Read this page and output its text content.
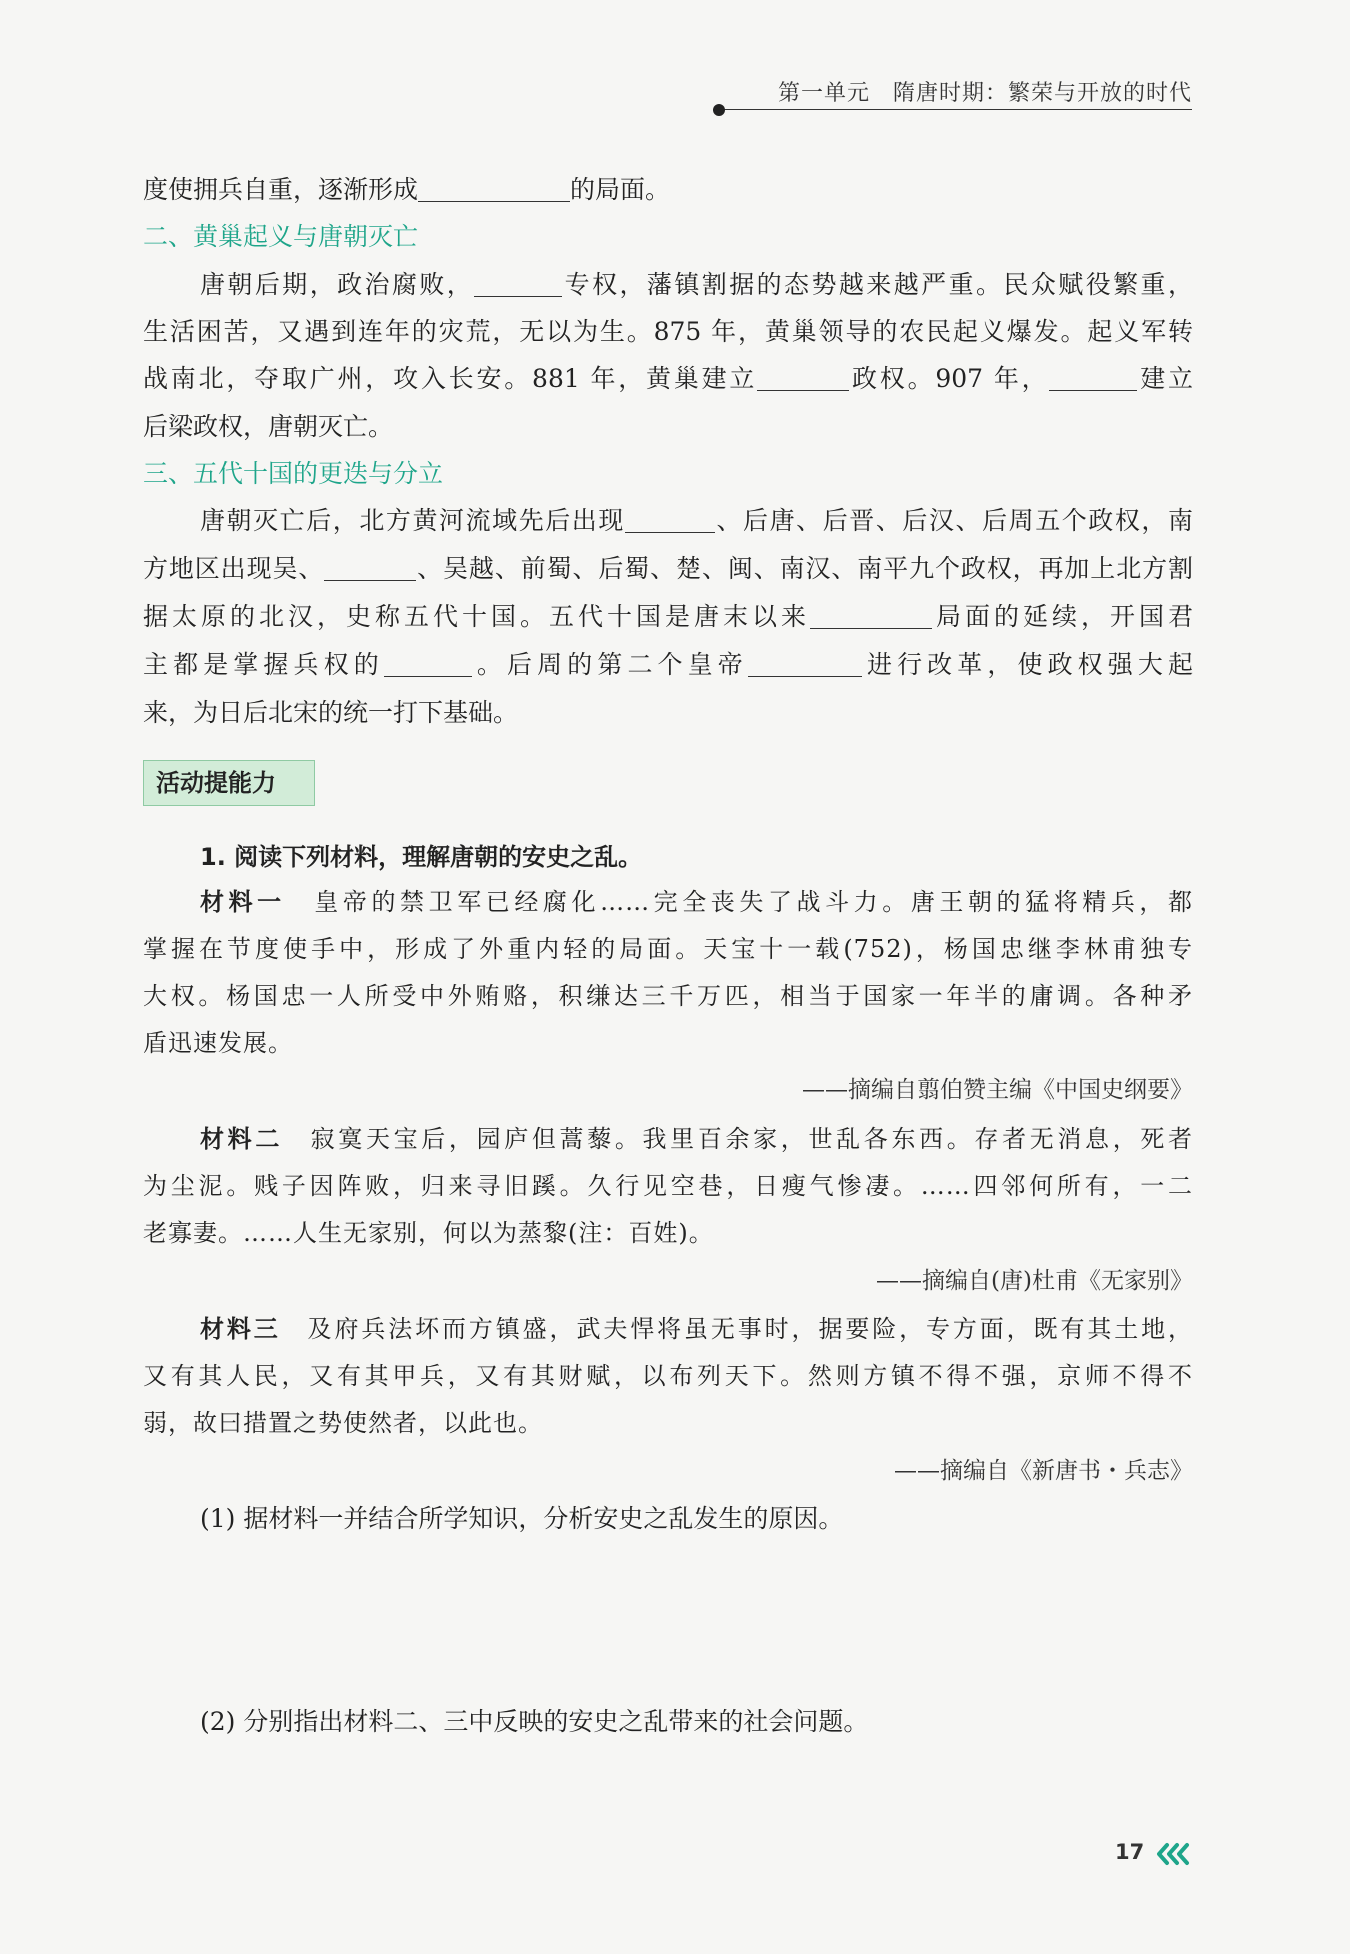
第一单元　隋唐时期：繁荣与开放的时代
度使拥兵自重，逐渐形成	的局面。
二、黄巢起义与唐朝灭亡
唐朝后期，政治腐败，	专权，藩镇割据的态势越来越严重。民众赋役繁重，
生活困苦，又遇到连年的灾荒，无以为生。875 年，黄巢领导的农民起义爆发。起义军转
战南北，夺取广州，攻入长安。881 年，黄巢建立	政权。907 年，	建立
后梁政权，唐朝灭亡。
三、五代十国的更迭与分立
唐朝灭亡后，北方黄河流域先后出现	、后唐、后晋、后汉、后周五个政权，南
方地区出现吴、	、吴越、前蜀、后蜀、楚、闽、南汉、南平九个政权，再加上北方割
据太原的北汉，史称五代十国。五代十国是唐末以来	局面的延续，开国君
主都是掌握兵权的	。后周的第二个皇帝	进行改革，使政权强大起
来，为日后北宋的统一打下基础。
活动提能力
1. 阅读下列材料，理解唐朝的安史之乱。
材料一　皇帝的禁卫军已经腐化……完全丧失了战斗力。唐王朝的猛将精兵，都
掌握在节度使手中，形成了外重内轻的局面。天宝十一载(752)，杨国忠继李林甫独专
大权。杨国忠一人所受中外贿赂，积缣达三千万匹，相当于国家一年半的庸调。各种矛
盾迅速发展。
——摘编自翦伯赞主编《中国史纲要》
材料二　寂寞天宝后，园庐但蒿藜。我里百余家，世乱各东西。存者无消息，死者
为尘泥。贱子因阵败，归来寻旧蹊。久行见空巷，日瘦气惨凄。……四邻何所有，一二
老寡妻。……人生无家别，何以为蒸黎(注：百姓)。
——摘编自(唐)杜甫《无家别》
材料三　及府兵法坏而方镇盛，武夫悍将虽无事时，据要险，专方面，既有其土地，
又有其人民，又有其甲兵，又有其财赋，以布列天下。然则方镇不得不强，京师不得不
弱，故曰措置之势使然者，以此也。
——摘编自《新唐书・兵志》
(1) 据材料一并结合所学知识，分析安史之乱发生的原因。
(2) 分别指出材料二、三中反映的安史之乱带来的社会问题。
17
